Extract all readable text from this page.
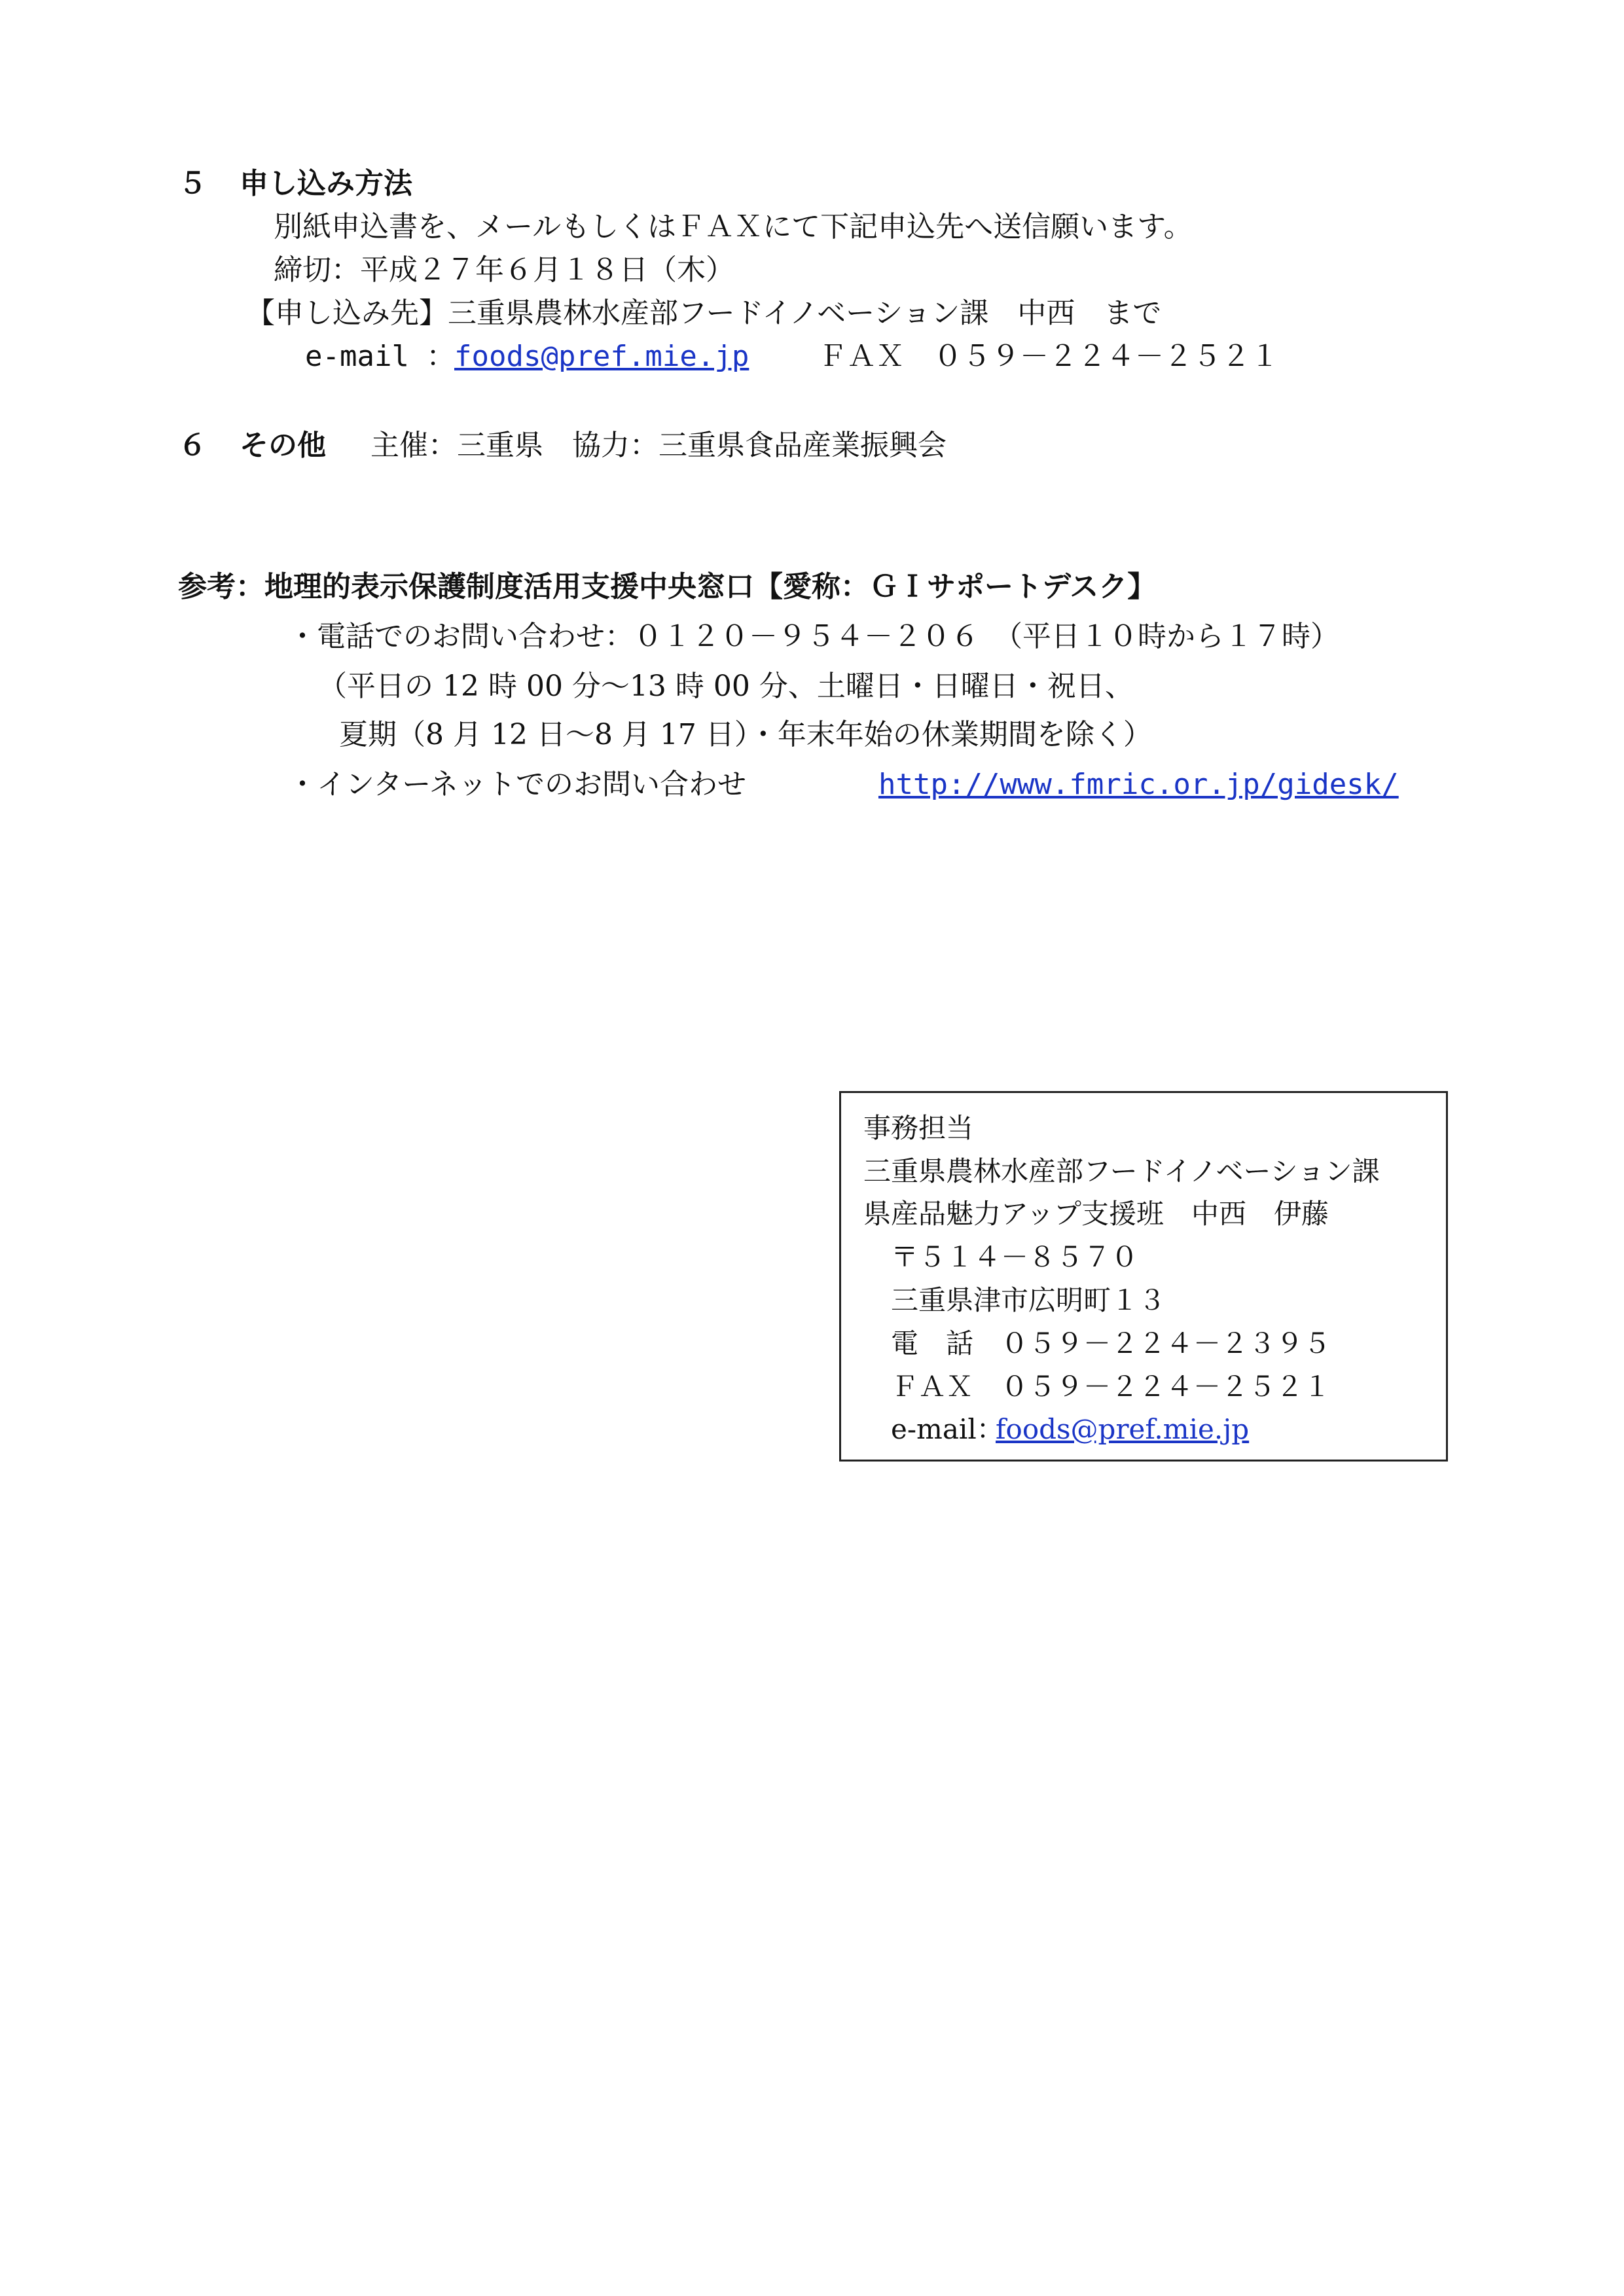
５ 申し込み方法
別紙申込書を、メールもしくはＦＡＸにて下記申込先へ送信願います。
締切：平成２７年６月１８日（木）
【申し込み先】三重県農林水産部フードイノベーション課　中西　まで
e-mail ：
foods@pref.mie.jp ＦＡＸ　０５９－２２４－２５２１
６ その他 主催：三重県　協力：三重県食品産業振興会
参考：地理的表示保護制度活用支援中央窓口【愛称：ＧＩサポートデスク】
・電話でのお問い合わせ：０１２０－９５４－２０６　（平日１０時から１７時）
（平日の 12 時 00 分～13 時 00 分、土曜日・日曜日・祝日、
夏期（8 月 12 日～8 月 17 日）・年末年始の休業期間を除く）
・インターネットでのお問い合わせ	http://www.fmric.or.jp/gidesk/
事務担当
三重県農林水産部フードイノベーション課
県産品魅力アップ支援班　中西　伊藤
〒５１４－８５７０
三重県津市広明町１３
電　話　０５９－２２４－２３９５
ＦＡＸ　０５９－２２４－２５２１
e-mail：
foods@pref.mie.jp
